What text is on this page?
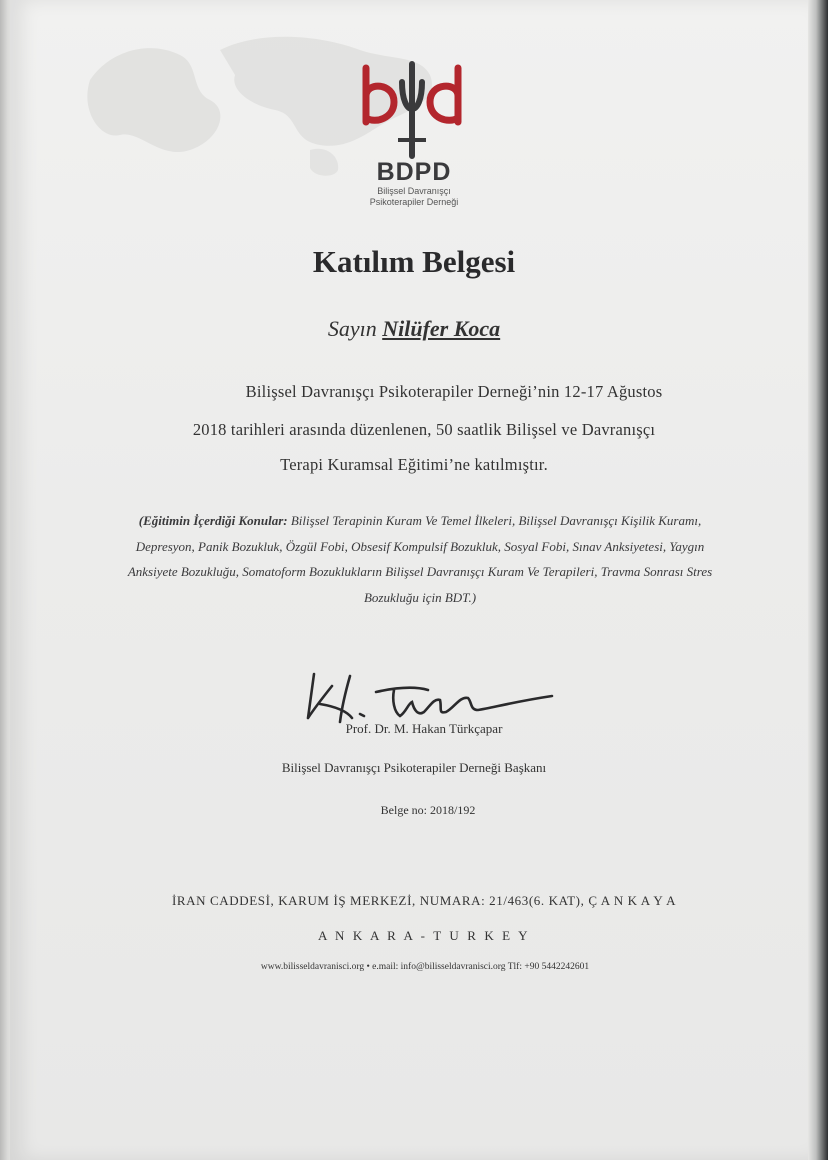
BDPD
Bilişsel Davranışçı
Psikoterapiler Derneği
Katılım Belgesi
Sayın Nilüfer Koca
Bilişsel Davranışçı Psikoterapiler Derneği’nin 12-17 Ağustos
2018 tarihleri arasında düzenlenen, 50 saatlik Bilişsel ve Davranışçı
Terapi Kuramsal Eğitimi’ne katılmıştır.
(Eğitimin İçerdiği Konular: Bilişsel Terapinin Kuram Ve Temel İlkeleri, Bilişsel Davranışçı Kişilik Kuramı, Depresyon, Panik Bozukluk, Özgül Fobi, Obsesif Kompulsif Bozukluk, Sosyal Fobi, Sınav Anksiyetesi, Yaygın Anksiyete Bozukluğu, Somatoform Bozuklukların Bilişsel Davranışçı Kuram Ve Terapileri, Travma Sonrası Stres Bozukluğu için BDT.)
Prof. Dr. M. Hakan Türkçapar
Bilişsel Davranışçı Psikoterapiler Derneği Başkanı
Belge no: 2018/192
İRAN CADDESİ, KARUM İŞ MERKEZİ, NUMARA: 21/463(6. KAT), Ç A N K A Y A
A N K A R A - T U R K E Y
www.bilisseldavranisci.org • e.mail: info@bilisseldavranisci.org Tlf: +90 5442242601
